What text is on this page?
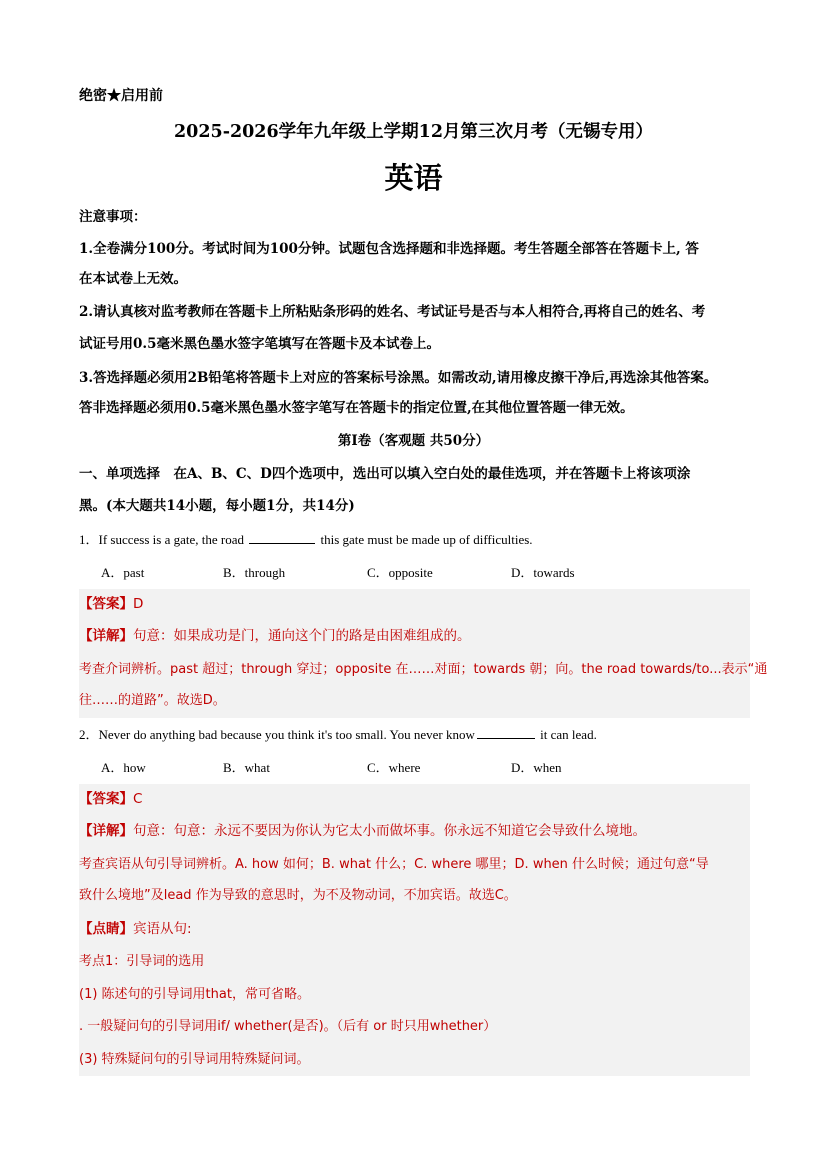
绝密★启用前
2025-2026学年九年级上学期12月第三次月考（无锡专用）
英语
注意事项：
1.全卷满分100分。考试时间为100分钟。试题包含选择题和非选择题。考生答题全部答在答题卡上, 答
在本试卷上无效。
2.请认真核对监考教师在答题卡上所粘贴条形码的姓名、考试证号是否与本人相符合,再将自己的姓名、考
试证号用0.5毫米黑色墨水签字笔填写在答题卡及本试卷上。
3.答选择题必须用2B铅笔将答题卡上对应的答案标号涂黑。如需改动,请用橡皮擦干净后,再选涂其他答案。
答非选择题必须用0.5毫米黑色墨水签字笔写在答题卡的指定位置,在其他位置答题一律无效。
第I卷（客观题 共50分）
一、单项选择　在A、B、C、D四个选项中，选出可以填入空白处的最佳选项，并在答题卡上将该项涂
黑。(本大题共14小题，每小题1分，共14分)
1．If success is a gate, the road	this gate must be made up of difficulties.
A．past	B．through	C．opposite	D．towards
【答案】D
【详解】句意：如果成功是门，通向这个门的路是由困难组成的。
考查介词辨析。past 超过；through 穿过；opposite 在……对面；towards 朝；向。the road towards/to...表示“通
往……的道路”。故选D。
2．Never do anything bad because you think it's too small. You never know	it can lead.
A．how	B．what	C．where	D．when
【答案】C
【详解】句意：句意：永远不要因为你认为它太小而做坏事。你永远不知道它会导致什么境地。
考查宾语从句引导词辨析。A. how 如何；B. what 什么；C. where 哪里；D. when 什么时候；通过句意“导
致什么境地”及lead 作为导致的意思时，为不及物动词，不加宾语。故选C。
【点睛】宾语从句:
考点1：引导词的选用
(1) 陈述句的引导词用that，常可省略。
. 一般疑问句的引导词用if/ whether(是否)。（后有 or 时只用whether）
(3) 特殊疑问句的引导词用特殊疑问词。
